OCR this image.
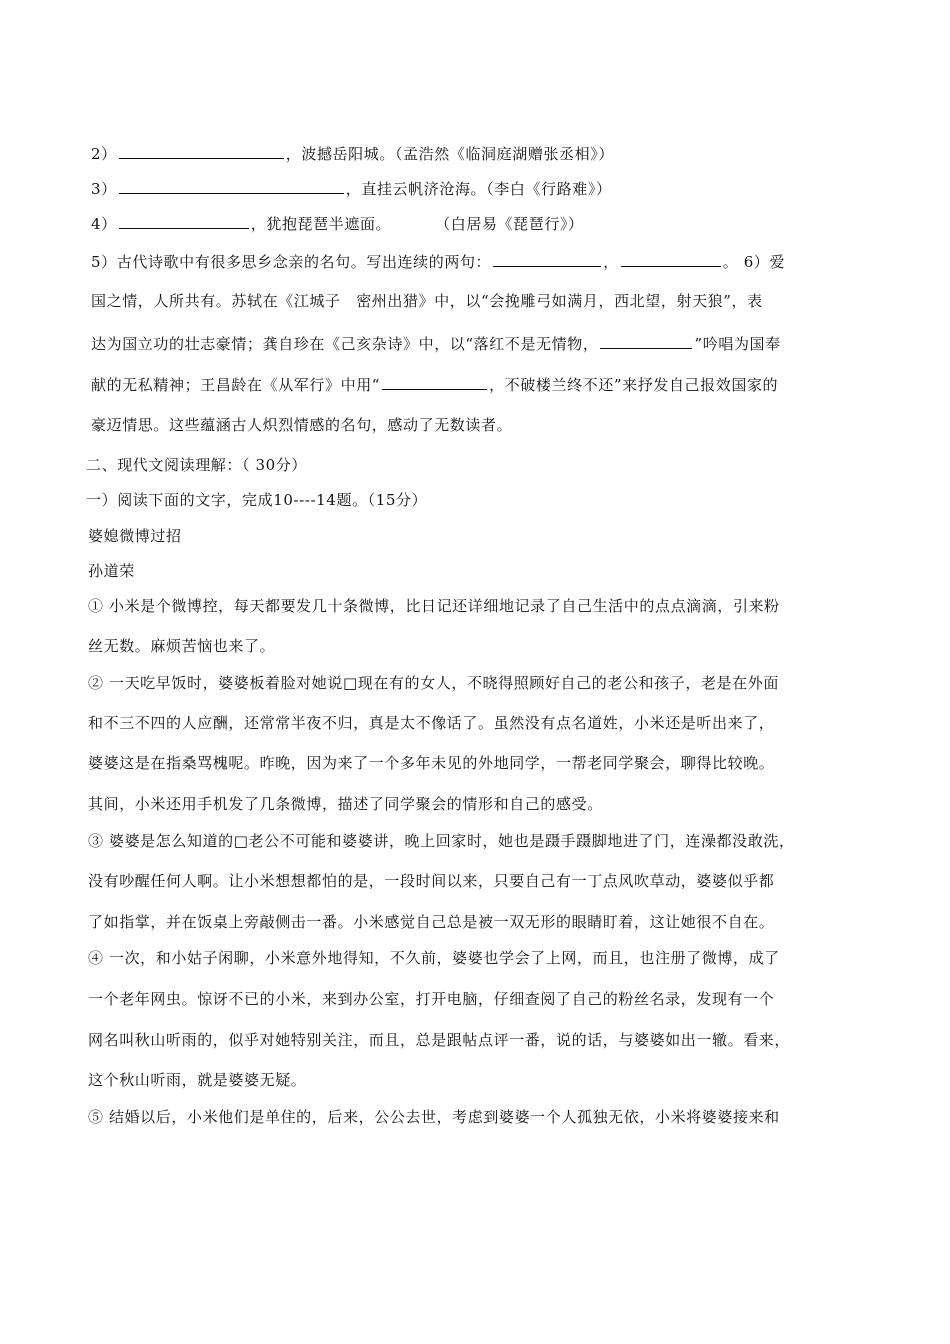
2）	，波撼岳阳城。（孟浩然《临洞庭湖赠张丞相》）
3）	，直挂云帆济沧海。（李白《行路难》）
4）	，犹抱琵琶半遮面。	（白居易《琵琶行》）
5）古代诗歌中有很多思乡念亲的名句。写出连续的两句：	，	。 6）爱
国之情，人所共有。苏轼在《江城子　密州出猎》中，以“会挽雕弓如满月，西北望，射天狼”，表
达为国立功的壮志豪情；龚自珍在《己亥杂诗》中，以“落红不是无情物，	”吟唱为国奉
献的无私精神；王昌龄在《从军行》中用“	，不破楼兰终不还”来抒发自己报效国家的
豪迈情思。这些蕴涵古人炽烈情感的名句，感动了无数读者。
二、现代文阅读理解：（ 30分）
一）阅读下面的文字，完成10----14题。（15分）
婆媳微博过招
孙道荣
① 小米是个微博控，每天都要发几十条微博，比日记还详细地记录了自己生活中的点点滴滴，引来粉
丝无数。麻烦苦恼也来了。
② 一天吃早饭时，婆婆板着脸对她说□现在有的女人，不晓得照顾好自己的老公和孩子，老是在外面
和不三不四的人应酬，还常常半夜不归，真是太不像话了。虽然没有点名道姓，小米还是听出来了，
婆婆这是在指桑骂槐呢。昨晚，因为来了一个多年未见的外地同学，一帮老同学聚会，聊得比较晚。
其间，小米还用手机发了几条微博，描述了同学聚会的情形和自己的感受。
③ 婆婆是怎么知道的□老公不可能和婆婆讲，晚上回家时，她也是蹑手蹑脚地进了门，连澡都没敢洗，
没有吵醒任何人啊。让小米想想都怕的是，一段时间以来，只要自己有一丁点风吹草动，婆婆似乎都
了如指掌，并在饭桌上旁敲侧击一番。小米感觉自己总是被一双无形的眼睛盯着，这让她很不自在。
④ 一次，和小姑子闲聊，小米意外地得知，不久前，婆婆也学会了上网，而且，也注册了微博，成了
一个老年网虫。惊讶不已的小米，来到办公室，打开电脑，仔细查阅了自己的粉丝名录，发现有一个
网名叫秋山听雨的，似乎对她特别关注，而且，总是跟帖点评一番，说的话，与婆婆如出一辙。看来，
这个秋山听雨，就是婆婆无疑。
⑤ 结婚以后，小米他们是单住的，后来，公公去世，考虑到婆婆一个人孤独无依，小米将婆婆接来和
